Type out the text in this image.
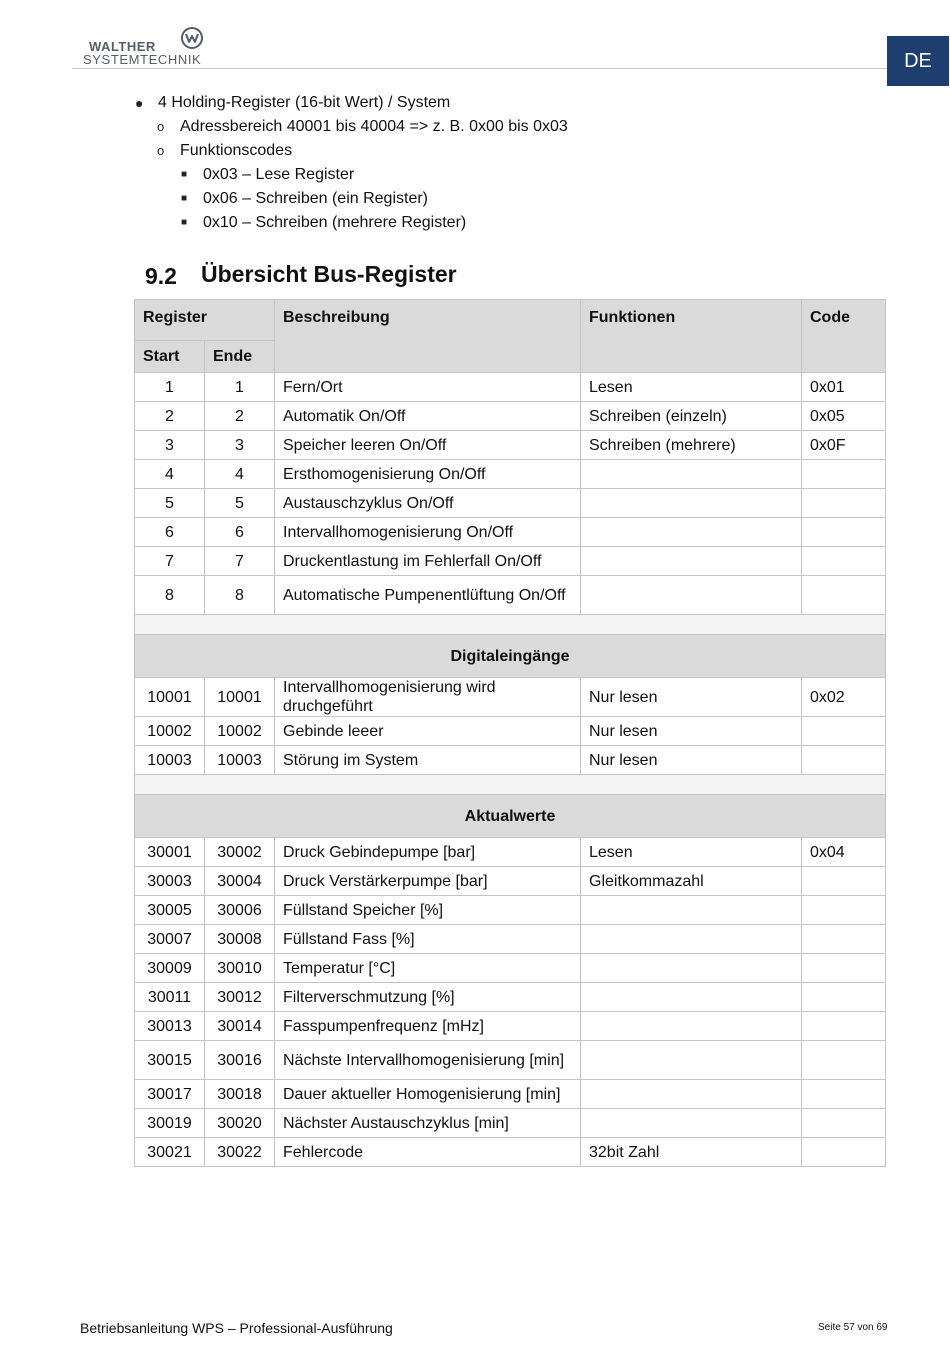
WALTHER
SYSTEMTECHNIK	DE
● 4 Holding-Register (16-bit Wert) / System
o Adressbereich 40001 bis 40004 => z. B. 0x00 bis 0x03
o Funktionscodes
■ 0x03 – Lese Register
■ 0x06 – Schreiben (ein Register)
■ 0x10 – Schreiben (mehrere Register)
9.2 Übersicht Bus-Register
Register		Beschreibung	Funktionen	Code
Start	Ende			
1	1	Fern/Ort	Lesen	0x01
2	2	Automatik On/Off	Schreiben (einzeln)	0x05
3	3	Speicher leeren On/Off	Schreiben (mehrere)	0x0F
4	4	Ersthomogenisierung On/Off		
5	5	Austauschzyklus On/Off		
6	6	Intervallhomogenisierung On/Off		
7	7	Druckentlastung im Fehlerfall On/Off		
8	8	Automatische Pumpenentlüftung On/Off		

Digitaleingänge				
10001	10001	Intervallhomogenisierung wird druchgeführt	Nur lesen	0x02
10002	10002	Gebinde leeer	Nur lesen	
10003	10003	Störung im System	Nur lesen	

Aktualwerte				
30001	30002	Druck Gebindepumpe [bar]	Lesen	0x04
30003	30004	Druck Verstärkerpumpe [bar]	Gleitkommazahl	
30005	30006	Füllstand Speicher [%]		
30007	30008	Füllstand Fass [%]		
30009	30010	Temperatur [°C]		
30011	30012	Filterverschmutzung [%]		
30013	30014	Fasspumpenfrequenz [mHz]		
30015	30016	Nächste Intervallhomogenisierung [min]		
30017	30018	Dauer aktueller Homogenisierung [min]		
30019	30020	Nächster Austauschzyklus [min]		
30021	30022	Fehlercode	32bit Zahl	
Betriebsanleitung WPS – Professional-Ausführung	Seite 57 von 69
